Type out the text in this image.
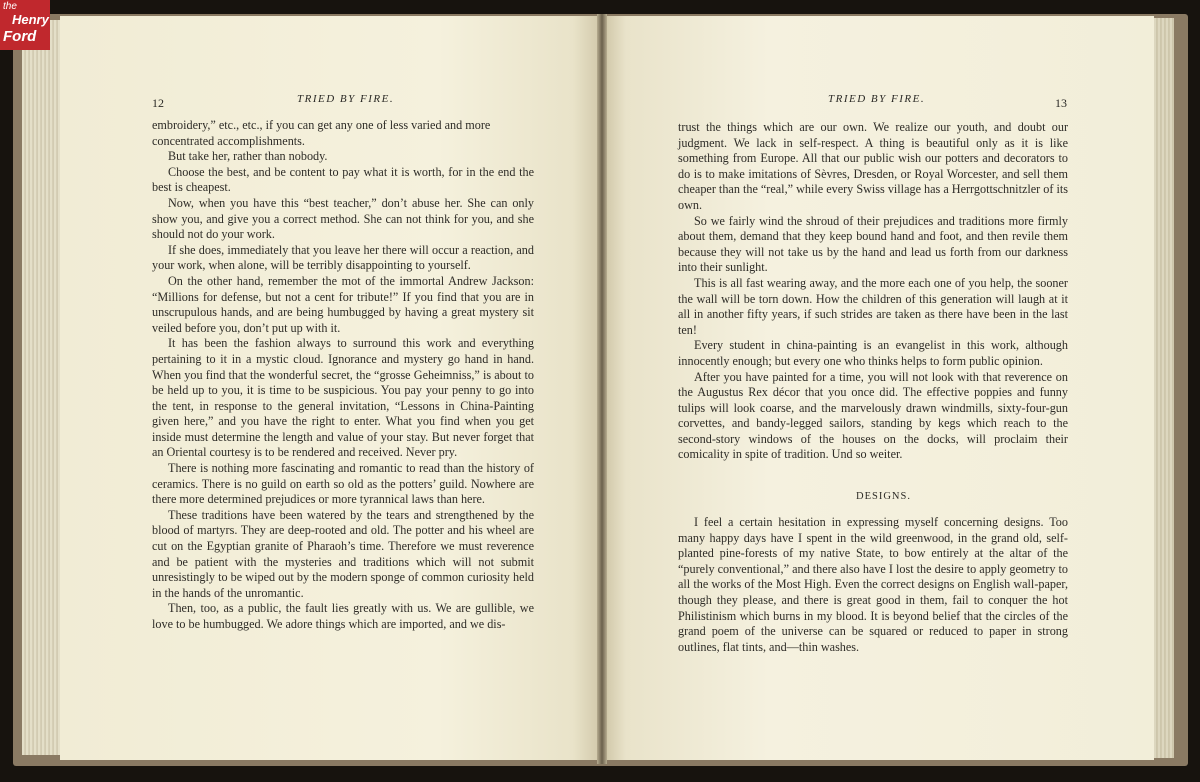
the
Henry
Ford
12	TRIED BY FIRE.

embroidery,” etc., etc., if you can get any one of less varied and more concentrated accomplishments.

But take her, rather than nobody.

Choose the best, and be content to pay what it is worth, for in the end the best is cheapest.

Now, when you have this “best teacher,” don’t abuse her. She can only show you, and give you a correct method. She can not think for you, and she should not do your work.

If she does, immediately that you leave her there will occur a reaction, and your work, when alone, will be terribly disappointing to yourself.

On the other hand, remember the mot of the immortal Andrew Jackson: “Millions for defense, but not a cent for tribute!” If you find that you are in unscrupulous hands, and are being humbugged by having a great mystery sit veiled before you, don’t put up with it.

It has been the fashion always to surround this work and everything pertaining to it in a mystic cloud. Ignorance and mystery go hand in hand. When you find that the wonderful secret, the “grosse Geheimniss,” is about to be held up to you, it is time to be suspicious. You pay your penny to go into the tent, in response to the general invitation, “Lessons in China-Painting given here,” and you have the right to enter. What you find when you get inside must determine the length and value of your stay. But never forget that an Oriental courtesy is to be rendered and received. Never pry.

There is nothing more fascinating and romantic to read than the history of ceramics. There is no guild on earth so old as the potters’ guild. Nowhere are there more determined prejudices or more tyrannical laws than here.

These traditions have been watered by the tears and strengthened by the blood of martyrs. They are deep-rooted and old. The potter and his wheel are cut on the Egyptian granite of Pharaoh’s time. Therefore we must reverence and be patient with the mysteries and traditions which will not submit unresistingly to be wiped out by the modern sponge of common curiosity held in the hands of the unromantic.

Then, too, as a public, the fault lies greatly with us. We are gullible, we love to be humbugged. We adore things which are imported, and we dis-

TRIED BY FIRE.	13

trust the things which are our own. We realize our youth, and doubt our judgment. We lack in self-respect. A thing is beautiful only as it is like something from Europe. All that our public wish our potters and decorators to do is to make imitations of Sèvres, Dresden, or Royal Worcester, and sell them cheaper than the “real,” while every Swiss village has a Herrgottschnitzler of its own.

So we fairly wind the shroud of their prejudices and traditions more firmly about them, demand that they keep bound hand and foot, and then revile them because they will not take us by the hand and lead us forth from our darkness into their sunlight.

This is all fast wearing away, and the more each one of you help, the sooner the wall will be torn down. How the children of this generation will laugh at it all in another fifty years, if such strides are taken as there have been in the last ten!

Every student in china-painting is an evangelist in this work, although innocently enough; but every one who thinks helps to form public opinion.

After you have painted for a time, you will not look with that reverence on the Augustus Rex décor that you once did. The effective poppies and funny tulips will look coarse, and the marvelously drawn windmills, sixty-four-gun corvettes, and bandy-legged sailors, standing by kegs which reach to the second-story windows of the houses on the docks, will proclaim their comicality in spite of tradition. Und so weiter.

DESIGNS.

I feel a certain hesitation in expressing myself concerning designs. Too many happy days have I spent in the wild greenwood, in the grand old, self-planted pine-forests of my native State, to bow entirely at the altar of the “purely conventional,” and there also have I lost the desire to apply geometry to all the works of the Most High. Even the correct designs on English wall-paper, though they please, and there is great good in them, fail to conquer the hot Philistinism which burns in my blood. It is beyond belief that the circles of the grand poem of the universe can be squared or reduced to paper in strong outlines, flat tints, and—thin washes.
